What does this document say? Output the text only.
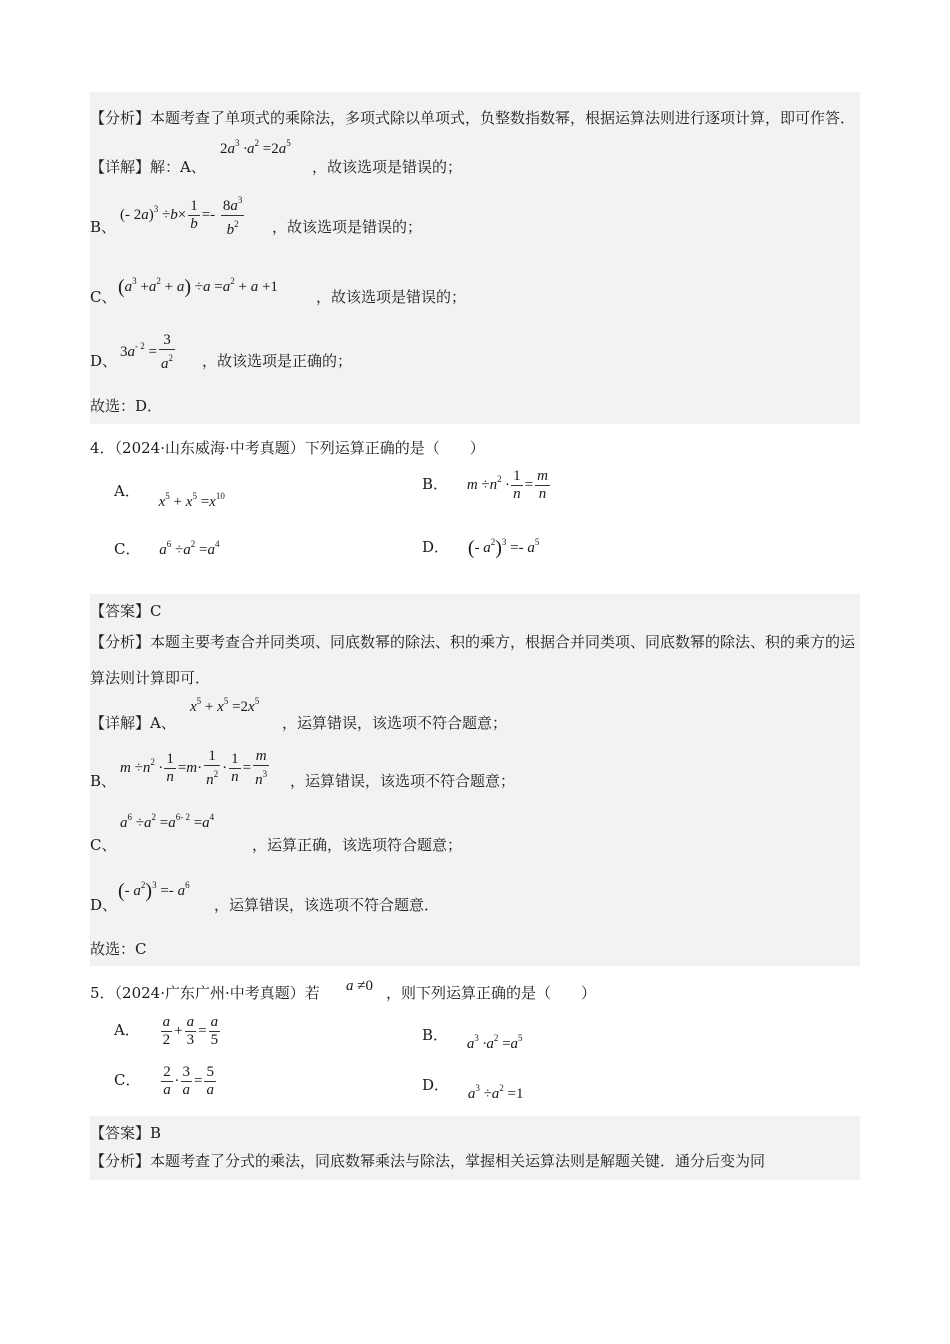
【分析】本题考查了单项式的乘除法，多项式除以单项式，负整数指数幂，根据运算法则进行逐项计算，即可作答．
【详解】解：A、
$2a^3 \cdot a^2 =2a^5$
，故该选项是错误的；
B、
(- $2a)^3 \div b\times \frac{1}{b} =- \frac{8a^3}{b^2}$ ，故该选项是错误的；
C、 $(a^3 +a^2 + a) \div a =a^2 + a +1$
，故该选项是错误的；
D、
$3a^{- 2} = \frac{3}{a^2}$ ，故该选项是正确的；
故选：D．
4．（2024·山东威海·中考真题）下列运算正确的是（　　）
A． $x^5 + x^5 =x^{10}$
B． $m \div n^2 \cdot \frac{1}{n} = \frac{m}{n}$
C． $a^6 \div a^2 =a^4$	D． (- $a^2)^3 =- a^5$
【答案】C
【分析】本题主要考查合并同类项、同底数幂的除法、积的乘方，根据合并同类项、同底数幂的除法、积的乘方的运算法则计算即可．
【详解】A、
$x^5 + x^5 =2x^5$
，运算错误，该选项不符合题意；
B、
$m \div n^2 \cdot \frac{1}{n} =m\cdot \frac{1}{n^2} \cdot \frac{1}{n} = \frac{m}{n^3}$ ，运算错误，该选项不符合题意；
C、
$a^6 \div a^2 =a^{6- 2} =a^4$
，运算正确，该选项符合题意；
D、
(- $a^2)^3 =- a^6$
，运算错误，该选项不符合题意．
故选：C
5．（2024·广东广州·中考真题）若 a ≠0 ，则下列运算正确的是（　　）
A． $\frac{a}{2} + \frac{a}{3} = \frac{a}{5}$	B． $a^3 \cdot a^2 =a^5$
C． $\frac{2}{a} \cdot \frac{3}{a} = \frac{5}{a}$	D． $a^3 \div a^2 =1$
【答案】B
【分析】本题考查了分式的乘法，同底数幂乘法与除法，掌握相关运算法则是解题关键．通分后变为同
